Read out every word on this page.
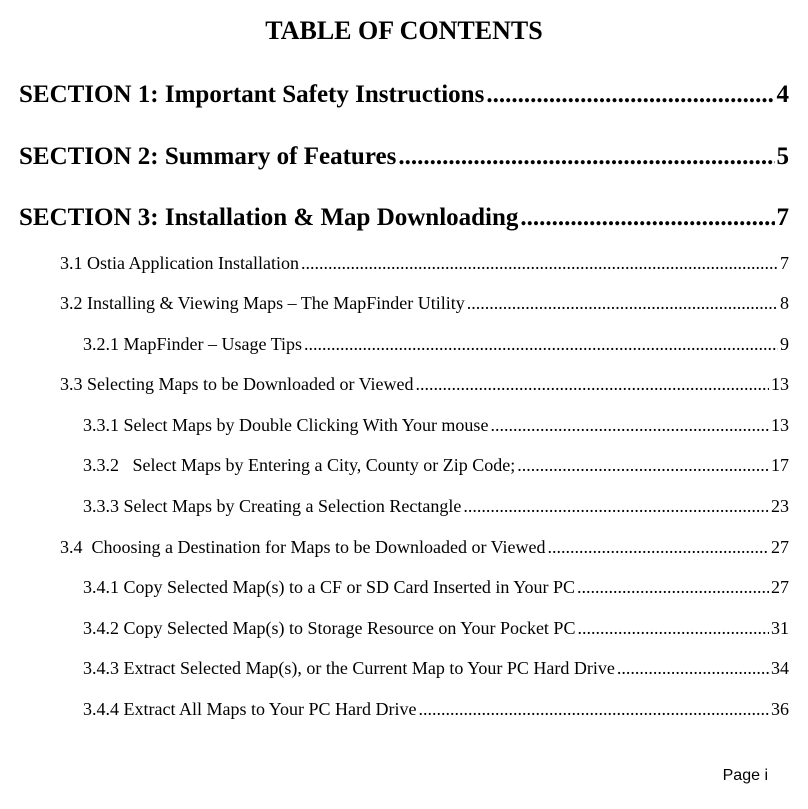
TABLE OF CONTENTS
SECTION 1: Important Safety Instructions .....	4
SECTION 2: Summary of Features .....	5
SECTION 3: Installation & Map Downloading .....	7
3.1 Ostia Application Installation .....	7
3.2 Installing & Viewing Maps – The MapFinder Utility .....	8
3.2.1 MapFinder – Usage Tips .....	9
3.3 Selecting Maps to be Downloaded or Viewed .....	13
3.3.1 Select Maps by Double Clicking With Your mouse .....	13
3.3.2   Select Maps by Entering a City, County or Zip Code; .....	17
3.3.3 Select Maps by Creating a Selection Rectangle .....	23
3.4  Choosing a Destination for Maps to be Downloaded or Viewed .....	27
3.4.1 Copy Selected Map(s) to a CF or SD Card Inserted in Your PC .....	27
3.4.2 Copy Selected Map(s) to Storage Resource on Your Pocket PC .....	31
3.4.3 Extract Selected Map(s), or the Current Map to Your PC Hard Drive .....	34
3.4.4 Extract All Maps to Your PC Hard Drive .....	36
Page i
